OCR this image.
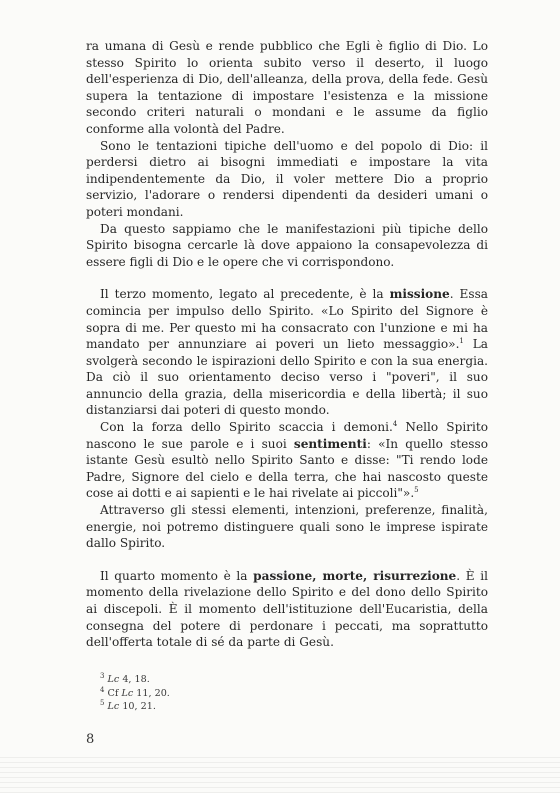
ra umana di Gesù e rende pubblico che Egli è figlio di Dio. Lo stesso Spirito lo orienta subito verso il deserto, il luogo dell'esperienza di Dio, dell'alleanza, della prova, della fede. Gesù supera la tentazione di impostare l'esistenza e la missione secondo criteri naturali o mondani e le assume da figlio conforme alla volontà del Padre.

Sono le tentazioni tipiche dell'uomo e del popolo di Dio: il perdersi dietro ai bisogni immediati e impostare la vita indipendentemente da Dio, il voler mettere Dio a proprio servizio, l'adorare o rendersi dipendenti da desideri umani o poteri mondani.

Da questo sappiamo che le manifestazioni più tipiche dello Spirito bisogna cercarle là dove appaiono la consapevolezza di essere figli di Dio e le opere che vi corrispondono.

Il terzo momento, legato al precedente, è la missione. Essa comincia per impulso dello Spirito. «Lo Spirito del Signore è sopra di me. Per questo mi ha consacrato con l'unzione e mi ha mandato per annunziare ai poveri un lieto messaggio».$^1$ La svolgerà secondo le ispirazioni dello Spirito e con la sua energia. Da ciò il suo orientamento deciso verso i "poveri", il suo annuncio della grazia, della misericordia e della libertà; il suo distanziarsi dai poteri di questo mondo.

Con la forza dello Spirito scaccia i demoni.$^4$ Nello Spirito nascono le sue parole e i suoi sentimenti: «In quello stesso istante Gesù esultò nello Spirito Santo e disse: "Ti rendo lode Padre, Signore del cielo e della terra, che hai nascosto queste cose ai dotti e ai sapienti e le hai rivelate ai piccoli"».$^5$

Attraverso gli stessi elementi, intenzioni, preferenze, finalità, energie, noi potremo distinguere quali sono le imprese ispirate dallo Spirito.

Il quarto momento è la passione, morte, risurrezione. È il momento della rivelazione dello Spirito e del dono dello Spirito ai discepoli. È il momento dell'istituzione dell'Eucaristia, della consegna del potere di perdonare i peccati, ma soprattutto dell'offerta totale di sé da parte di Gesù.

$^3$ Lc 4, 18.
$^4$ Cf Lc 11, 20.
$^5$ Lc 10, 21.
8
